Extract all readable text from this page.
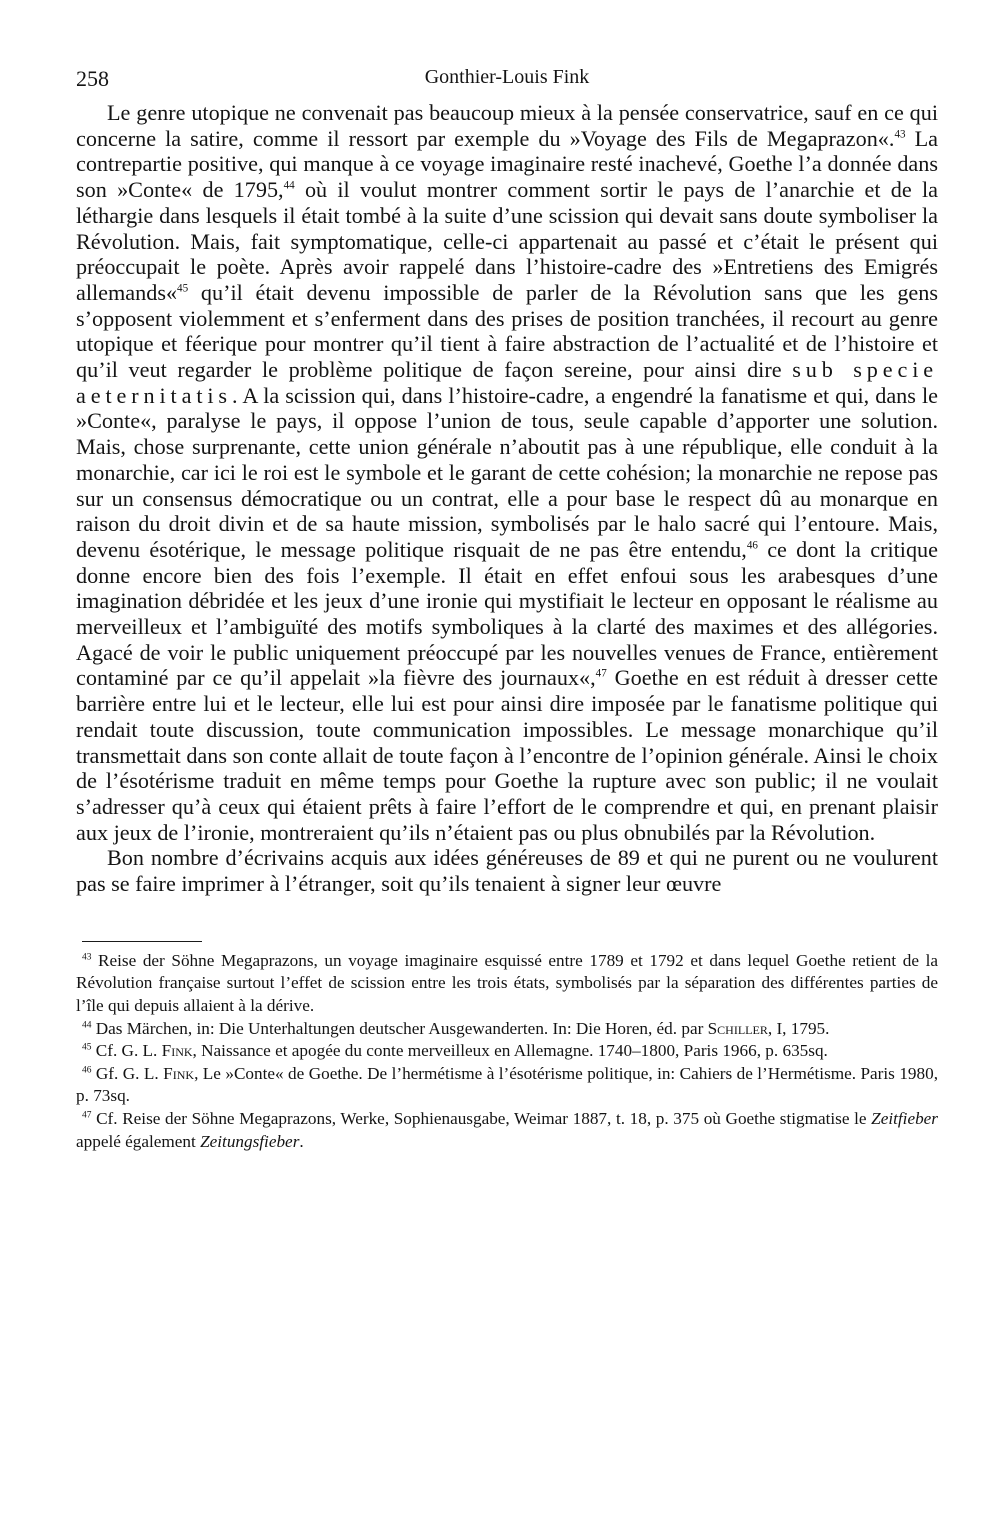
258	Gonthier-Louis Fink

Le genre utopique ne convenait pas beaucoup mieux à la pensée conservatrice, sauf en ce qui concerne la satire, comme il ressort par exemple du »Voyage des Fils de Megaprazon«.$^{43}$ La contrepartie positive, qui manque à ce voyage imaginaire resté inachevé, Goethe l’a donnée dans son »Conte« de 1795,44 où il voulut montrer comment sortir le pays de l’anarchie et de la léthargie dans lesquels il était tombé à la suite d’une scission qui devait sans doute symboliser la Révolution. Mais, fait symptomatique, celle-ci appartenait au passé et c’était le présent qui préoccupait le poète. Après avoir rappelé dans l’histoire-cadre des »Entretiens des Emigrés allemands«$^{45}$ qu’il était devenu impossible de parler de la Révolution sans que les gens s’opposent violemment et s’enferment dans des prises de position tranchées, il recourt au genre utopique et féerique pour montrer qu’il tient à faire abstraction de l’actualité et de l’histoire et qu’il veut regarder le problème politique de façon sereine, pour ainsi dire sub specie aeternitatis. A la scission qui, dans l’histoire-cadre, a engendré la fanatisme et qui, dans le »Conte«, paralyse le pays, il oppose l’union de tous, seule capable d’apporter une solution. Mais, chose surprenante, cette union générale n’aboutit pas à une république, elle conduit à la monarchie, car ici le roi est le symbole et le garant de cette cohésion; la monarchie ne repose pas sur un consensus démocratique ou un contrat, elle a pour base le respect dû au monarque en raison du droit divin et de sa haute mission, symbolisés par le halo sacré qui l’entoure. Mais, devenu ésotérique, le message politique risquait de ne pas être entendu,$^{46}$ ce dont la critique donne encore bien des fois l’exemple. Il était en effet enfoui sous les arabesques d’une imagination débridée et les jeux d’une ironie qui mystifiait le lecteur en opposant le réalisme au merveilleux et l’ambiguïté des motifs symboliques à la clarté des maximes et des allégories. Agacé de voir le public uniquement préoccupé par les nouvelles venues de France, entièrement contaminé par ce qu’il appelait »la fièvre des journaux«,$^{47}$ Goethe en est réduit à dresser cette barrière entre lui et le lecteur, elle lui est pour ainsi dire imposée par le fanatisme politique qui rendait toute discussion, toute communication impossibles. Le message monarchique qu’il transmettait dans son conte allait de toute façon à l’encontre de l’opinion générale. Ainsi le choix de l’ésotérisme traduit en même temps pour Goethe la rupture avec son public; il ne voulait s’adresser qu’à ceux qui étaient prêts à faire l’effort de le comprendre et qui, en prenant plaisir aux jeux de l’ironie, montreraient qu’ils n’étaient pas ou plus obnubilés par la Révolution.

Bon nombre d’écrivains acquis aux idées généreuses de 89 et qui ne purent ou ne voulurent pas se faire imprimer à l’étranger, soit qu’ils tenaient à signer leur œuvre

$^{43}$ Reise der Söhne Megaprazons, un voyage imaginaire esquissé entre 1789 et 1792 et dans lequel Goethe retient de la Révolution française surtout l’effet de scission entre les trois états, symbolisés par la séparation des différentes parties de l’île qui depuis allaient à la dérive.

$^{44}$ Das Märchen, in: Die Unterhaltungen deutscher Ausgewanderten. In: Die Horen, éd. par Schiller, I, 1795.

$^{45}$ Cf. G. L. Fink, Naissance et apogée du conte merveilleux en Allemagne. 1740–1800, Paris 1966, p. 635sq.

$^{46}$ Gf. G. L. Fink, Le »Conte« de Goethe. De l’hermétisme à l’ésotérisme politique, in: Cahiers de l’Hermétisme. Paris 1980, p. 73sq.

$^{47}$ Cf. Reise der Söhne Megaprazons, Werke, Sophienausgabe, Weimar 1887, t. 18, p. 375 où Goethe stigmatise le Zeitfieber appelé également Zeitungsfieber.
